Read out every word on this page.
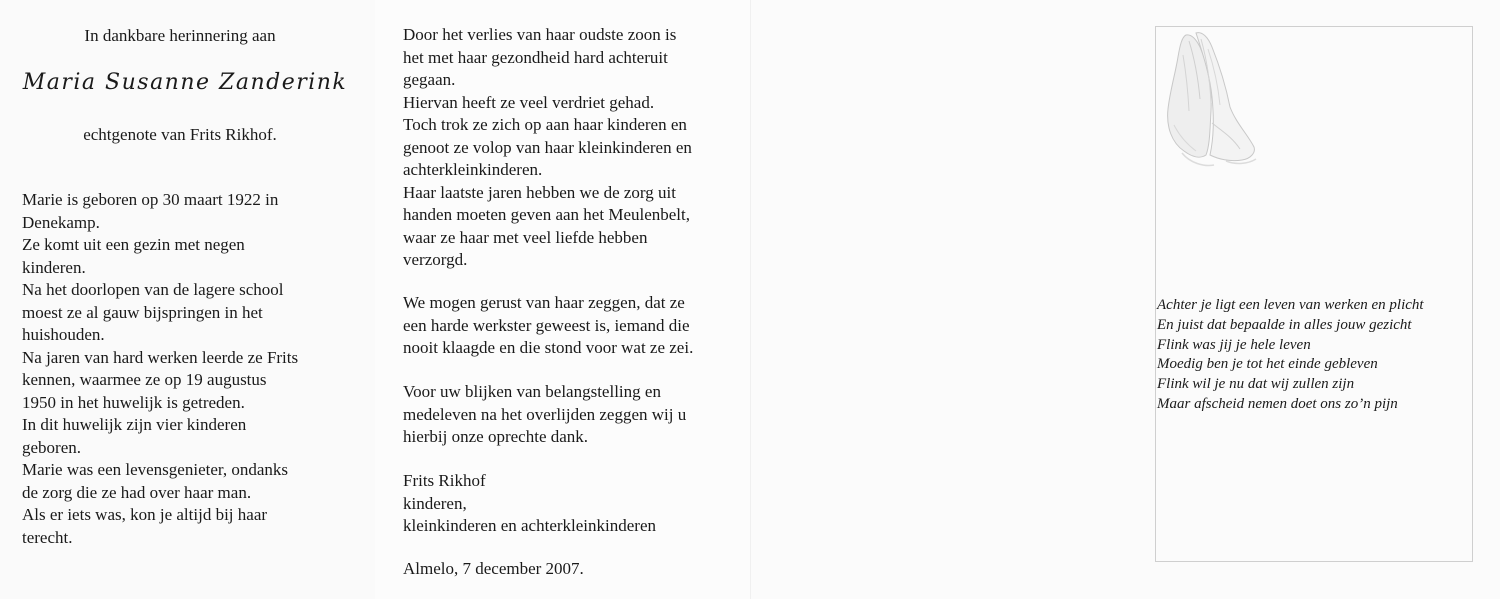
In dankbare herinnering aan
Maria Susanne Zanderink
echtgenote van Frits Rikhof.
Marie is geboren op 30 maart 1922 in
Denekamp.
Ze komt uit een gezin met negen
kinderen.
Na het doorlopen van de lagere school
moest ze al gauw bijspringen in het
huishouden.
Na jaren van hard werken leerde ze Frits
kennen, waarmee ze op 19 augustus
1950 in het huwelijk is getreden.
In dit huwelijk zijn vier kinderen
geboren.
Marie was een levensgenieter, ondanks
de zorg die ze had over haar man.
Als er iets was, kon je altijd bij haar
terecht.
Door het verlies van haar oudste zoon is
het met haar gezondheid hard achteruit
gegaan.
Hiervan heeft ze veel verdriet gehad.
Toch trok ze zich op aan haar kinderen en
genoot ze volop van haar kleinkinderen en
achterkleinkinderen.
Haar laatste jaren hebben we de zorg uit
handen moeten geven aan het Meulenbelt,
waar ze haar met veel liefde hebben
verzorgd.
We mogen gerust van haar zeggen, dat ze
een harde werkster geweest is, iemand die
nooit klaagde en die stond voor wat ze zei.
Voor uw blijken van belangstelling en
medeleven na het overlijden zeggen wij u
hierbij onze oprechte dank.
Frits Rikhof
kinderen,
kleinkinderen en achterkleinkinderen
Almelo, 7 december 2007.
Achter je ligt een leven van werken en plicht
En juist dat bepaalde in alles jouw gezicht
Flink was jij je hele leven
Moedig ben je tot het einde gebleven
Flink wil je nu dat wij zullen zijn
Maar afscheid nemen doet ons zo’n pijn
